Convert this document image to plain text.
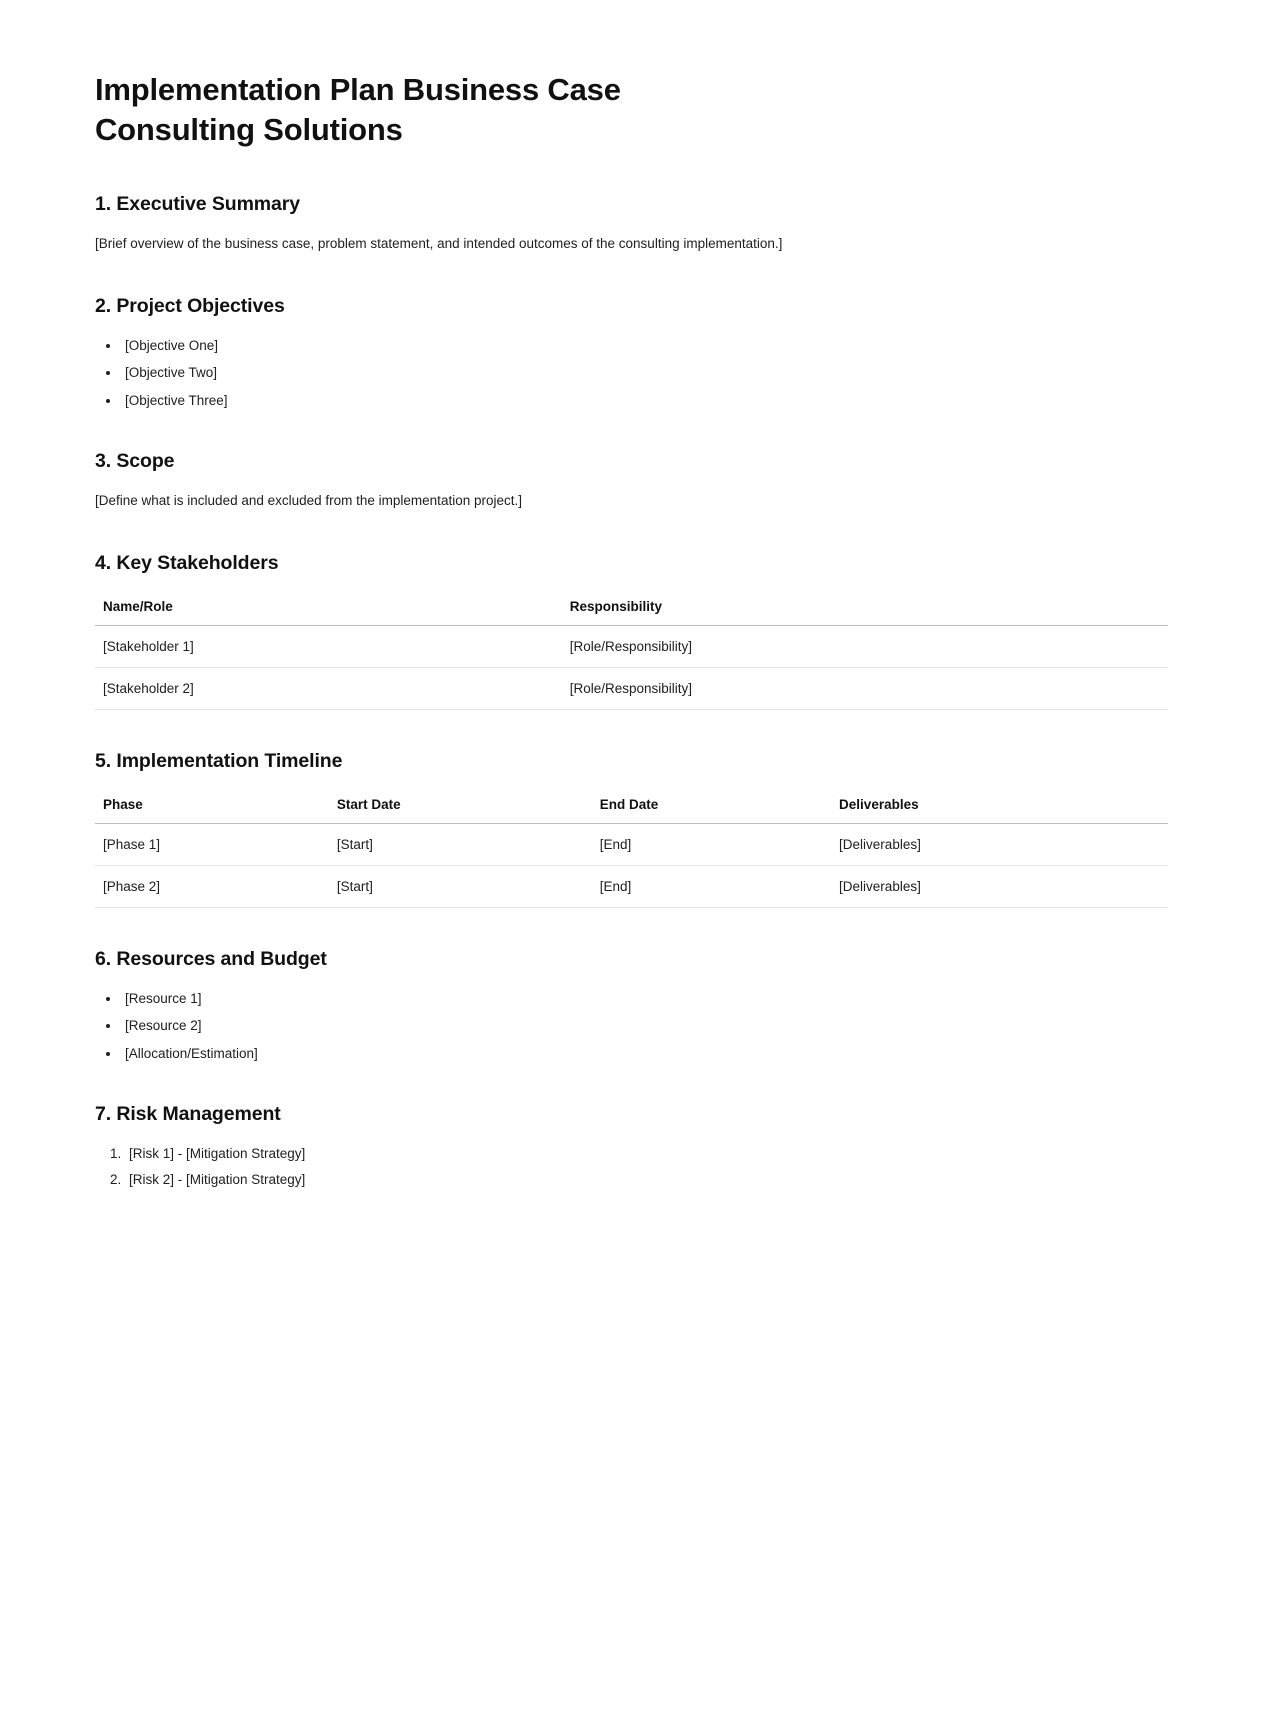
Implementation Plan Business Case
Consulting Solutions
1. Executive Summary

[Brief overview of the business case, problem statement, and intended outcomes of the consulting implementation.]

2. Project Objectives
• [Objective One]
• [Objective Two]
• [Objective Three]
3. Scope

[Define what is included and excluded from the implementation project.]

4. Key Stakeholders
Name/Role	Responsibility
[Stakeholder 1]	[Role/Responsibility]
[Stakeholder 2]	[Role/Responsibility]
5. Implementation Timeline
Phase	Start Date	End Date	Deliverables
[Phase 1]	[Start]	[End]	[Deliverables]
[Phase 2]	[Start]	[End]	[Deliverables]
6. Resources and Budget
• [Resource 1]
• [Resource 2]
• [Allocation/Estimation]
7. Risk Management
1. [Risk 1] - [Mitigation Strategy]
2. [Risk 2] - [Mitigation Strategy]
